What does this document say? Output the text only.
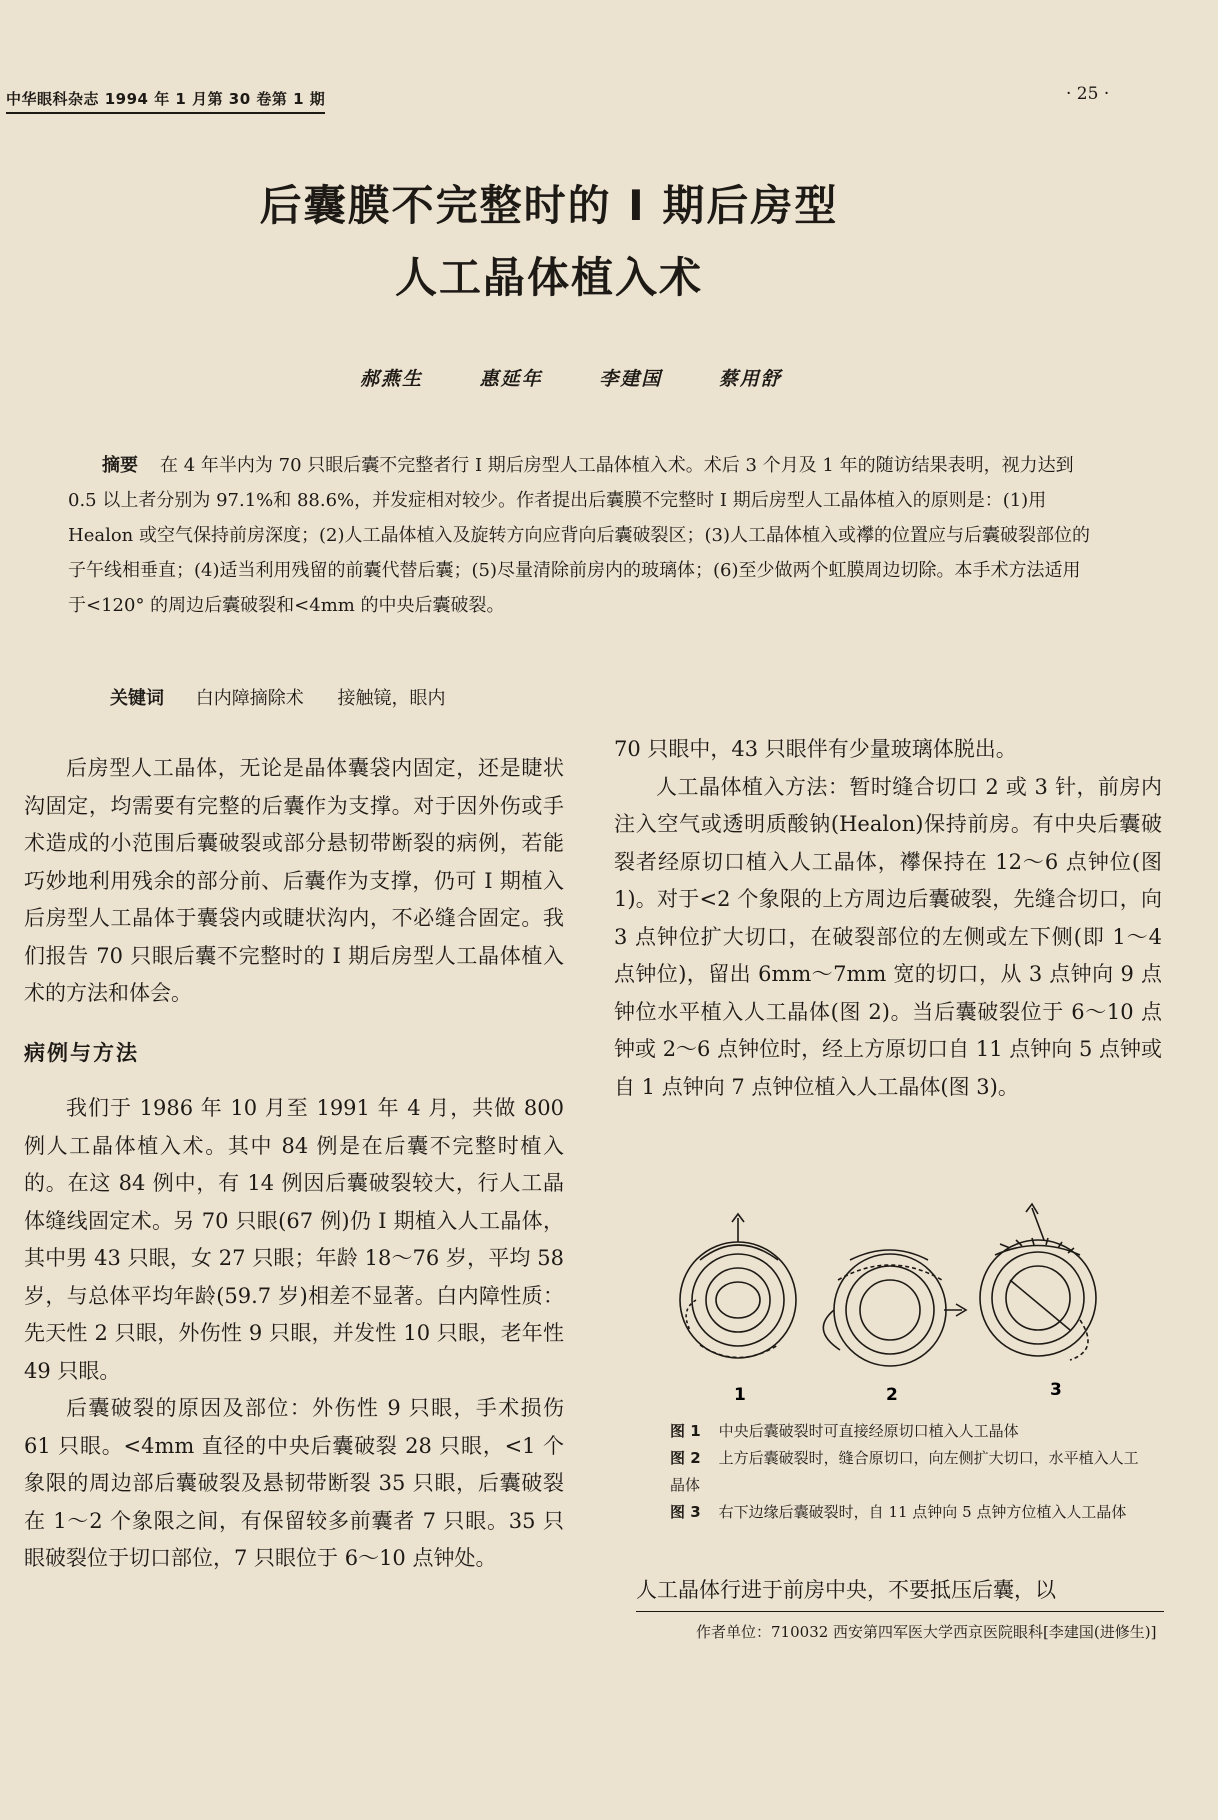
中华眼科杂志 1994 年 1 月第 30 卷第 1 期	· 25 ·
后囊膜不完整时的 I 期后房型
人工晶体植入术
郝燕生	惠延年	李建国	蔡用舒

摘要 在 4 年半内为 70 只眼后囊不完整者行 I 期后房型人工晶体植入术。术后 3 个月及 1 年的随访结果表明，视力达到 0.5 以上者分别为 97.1%和 88.6%，并发症相对较少。作者提出后囊膜不完整时 I 期后房型人工晶体植入的原则是：(1)用 Healon 或空气保持前房深度；(2)人工晶体植入及旋转方向应背向后囊破裂区；(3)人工晶体植入或襻的位置应与后囊破裂部位的子午线相垂直；(4)适当利用残留的前囊代替后囊；(5)尽量清除前房内的玻璃体；(6)至少做两个虹膜周边切除。本手术方法适用于<120° 的周边后囊破裂和<4mm 的中央后囊破裂。

关键词 白内障摘除术 接触镜，眼内

后房型人工晶体，无论是晶体囊袋内固定，还是睫状沟固定，均需要有完整的后囊作为支撑。对于因外伤或手术造成的小范围后囊破裂或部分悬韧带断裂的病例，若能巧妙地利用残余的部分前、后囊作为支撑，仍可 I 期植入后房型人工晶体于囊袋内或睫状沟内，不必缝合固定。我们报告 70 只眼后囊不完整时的 I 期后房型人工晶体植入术的方法和体会。

病例与方法

我们于 1986 年 10 月至 1991 年 4 月，共做 800 例人工晶体植入术。其中 84 例是在后囊不完整时植入的。在这 84 例中，有 14 例因后囊破裂较大，行人工晶体缝线固定术。另 70 只眼(67 例)仍 I 期植入人工晶体，其中男 43 只眼，女 27 只眼；年龄 18～76 岁，平均 58 岁，与总体平均年龄(59.7 岁)相差不显著。白内障性质：先天性 2 只眼，外伤性 9 只眼，并发性 10 只眼，老年性 49 只眼。

后囊破裂的原因及部位：外伤性 9 只眼，手术损伤 61 只眼。<4mm 直径的中央后囊破裂 28 只眼，<1 个象限的周边部后囊破裂及悬韧带断裂 35 只眼，后囊破裂在 1～2 个象限之间，有保留较多前囊者 7 只眼。35 只眼破裂位于切口部位，7 只眼位于 6～10 点钟处。

70 只眼中，43 只眼伴有少量玻璃体脱出。

人工晶体植入方法：暂时缝合切口 2 或 3 针，前房内注入空气或透明质酸钠(Healon)保持前房。有中央后囊破裂者经原切口植入人工晶体，襻保持在 12～6 点钟位(图 1)。对于<2 个象限的上方周边后囊破裂，先缝合切口，向 3 点钟位扩大切口，在破裂部位的左侧或左下侧(即 1～4 点钟位)，留出 6mm～7mm 宽的切口，从 3 点钟向 9 点钟位水平植入人工晶体(图 2)。当后囊破裂位于 6～10 点钟或 2～6 点钟位时，经上方原切口自 11 点钟向 5 点钟或自 1 点钟向 7 点钟位植入人工晶体(图 3)。

1	2	3

图 1 中央后囊破裂时可直接经原切口植入人工晶体

图 2 上方后囊破裂时，缝合原切口，向左侧扩大切口，水平植入人工晶体

图 3 右下边缘后囊破裂时，自 11 点钟向 5 点钟方位植入人工晶体

人工晶体行进于前房中央，不要抵压后囊，以

作者单位：710032 西安第四军医大学西京医院眼科[李建国(进修生)]
